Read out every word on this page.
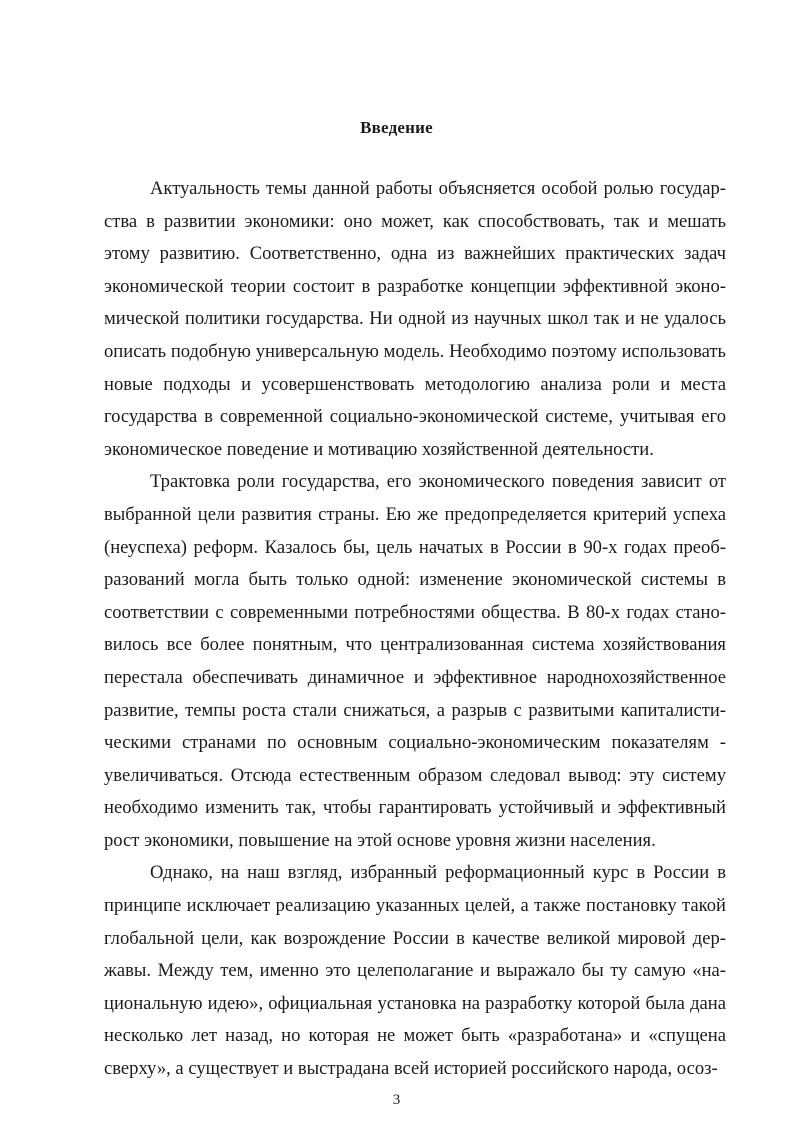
Введение

Актуальность темы данной работы объясняется особой ролью государства в развитии экономики: оно может, как способствовать, так и мешать этому развитию. Соответственно, одна из важнейших практических задач экономической теории состоит в разработке концепции эффективной экономической политики государства. Ни одной из научных школ так и не удалось описать подобную универсальную модель. Необходимо поэтому использовать новые подходы и усовершенствовать методологию анализа роли и места государства в современной социально-экономической системе, учитывая его экономическое поведение и мотивацию хозяйственной деятельности.

Трактовка роли государства, его экономического поведения зависит от выбранной цели развития страны. Ею же предопределяется критерий успеха (неуспеха) реформ. Казалось бы, цель начатых в России в 90-х годах преобразований могла быть только одной: изменение экономической системы в соответствии с современными потребностями общества. В 80-х годах становилось все более понятным, что централизованная система хозяйствования перестала обеспечивать динамичное и эффективное народнохозяйственное развитие, темпы роста стали снижаться, а разрыв с развитыми капиталистическими странами по основным социально-экономическим показателям - увеличиваться. Отсюда естественным образом следовал вывод: эту систему необходимо изменить так, чтобы гарантировать устойчивый и эффективный рост экономики, повышение на этой основе уровня жизни населения.

Однако, на наш взгляд, избранный реформационный курс в России в принципе исключает реализацию указанных целей, а также постановку такой глобальной цели, как возрождение России в качестве великой мировой державы. Между тем, именно это целеполагание и выражало бы ту самую «национальную идею», официальная установка на разработку которой была дана несколько лет назад, но которая не может быть «разработана» и «спущена сверху», а существует и выстрадана всей историей российского народа, осоз-

3
